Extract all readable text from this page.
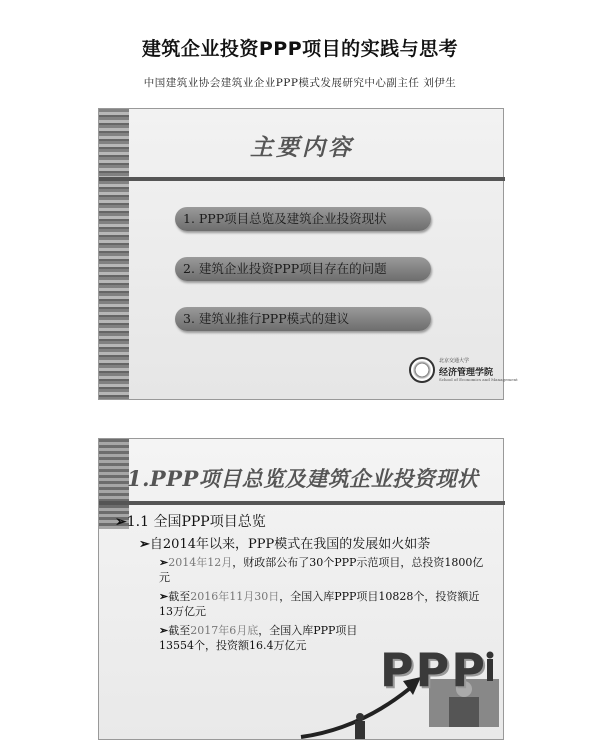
建筑企业投资PPP项目的实践与思考
中国建筑业协会建筑业企业PPP模式发展研究中心副主任 刘伊生
主要内容
1. PPP项目总览及建筑企业投资现状
2. 建筑企业投资PPP项目存在的问题
3. 建筑业推行PPP模式的建议
北京交通大学
经济管理学院
School of Economics and Management
1.PPP项目总览及建筑企业投资现状
➢1.1 全国PPP项目总览
➢自2014年以来，PPP模式在我国的发展如火如荼
➢2014年12月，财政部公布了30个PPP示范项目，总投资1800亿元
➢截至2016年11月30日，全国入库PPP项目10828个，投资额近13万亿元
➢截至2017年6月底，全国入库PPP项目13554个，投资额16.4万亿元	PPP
